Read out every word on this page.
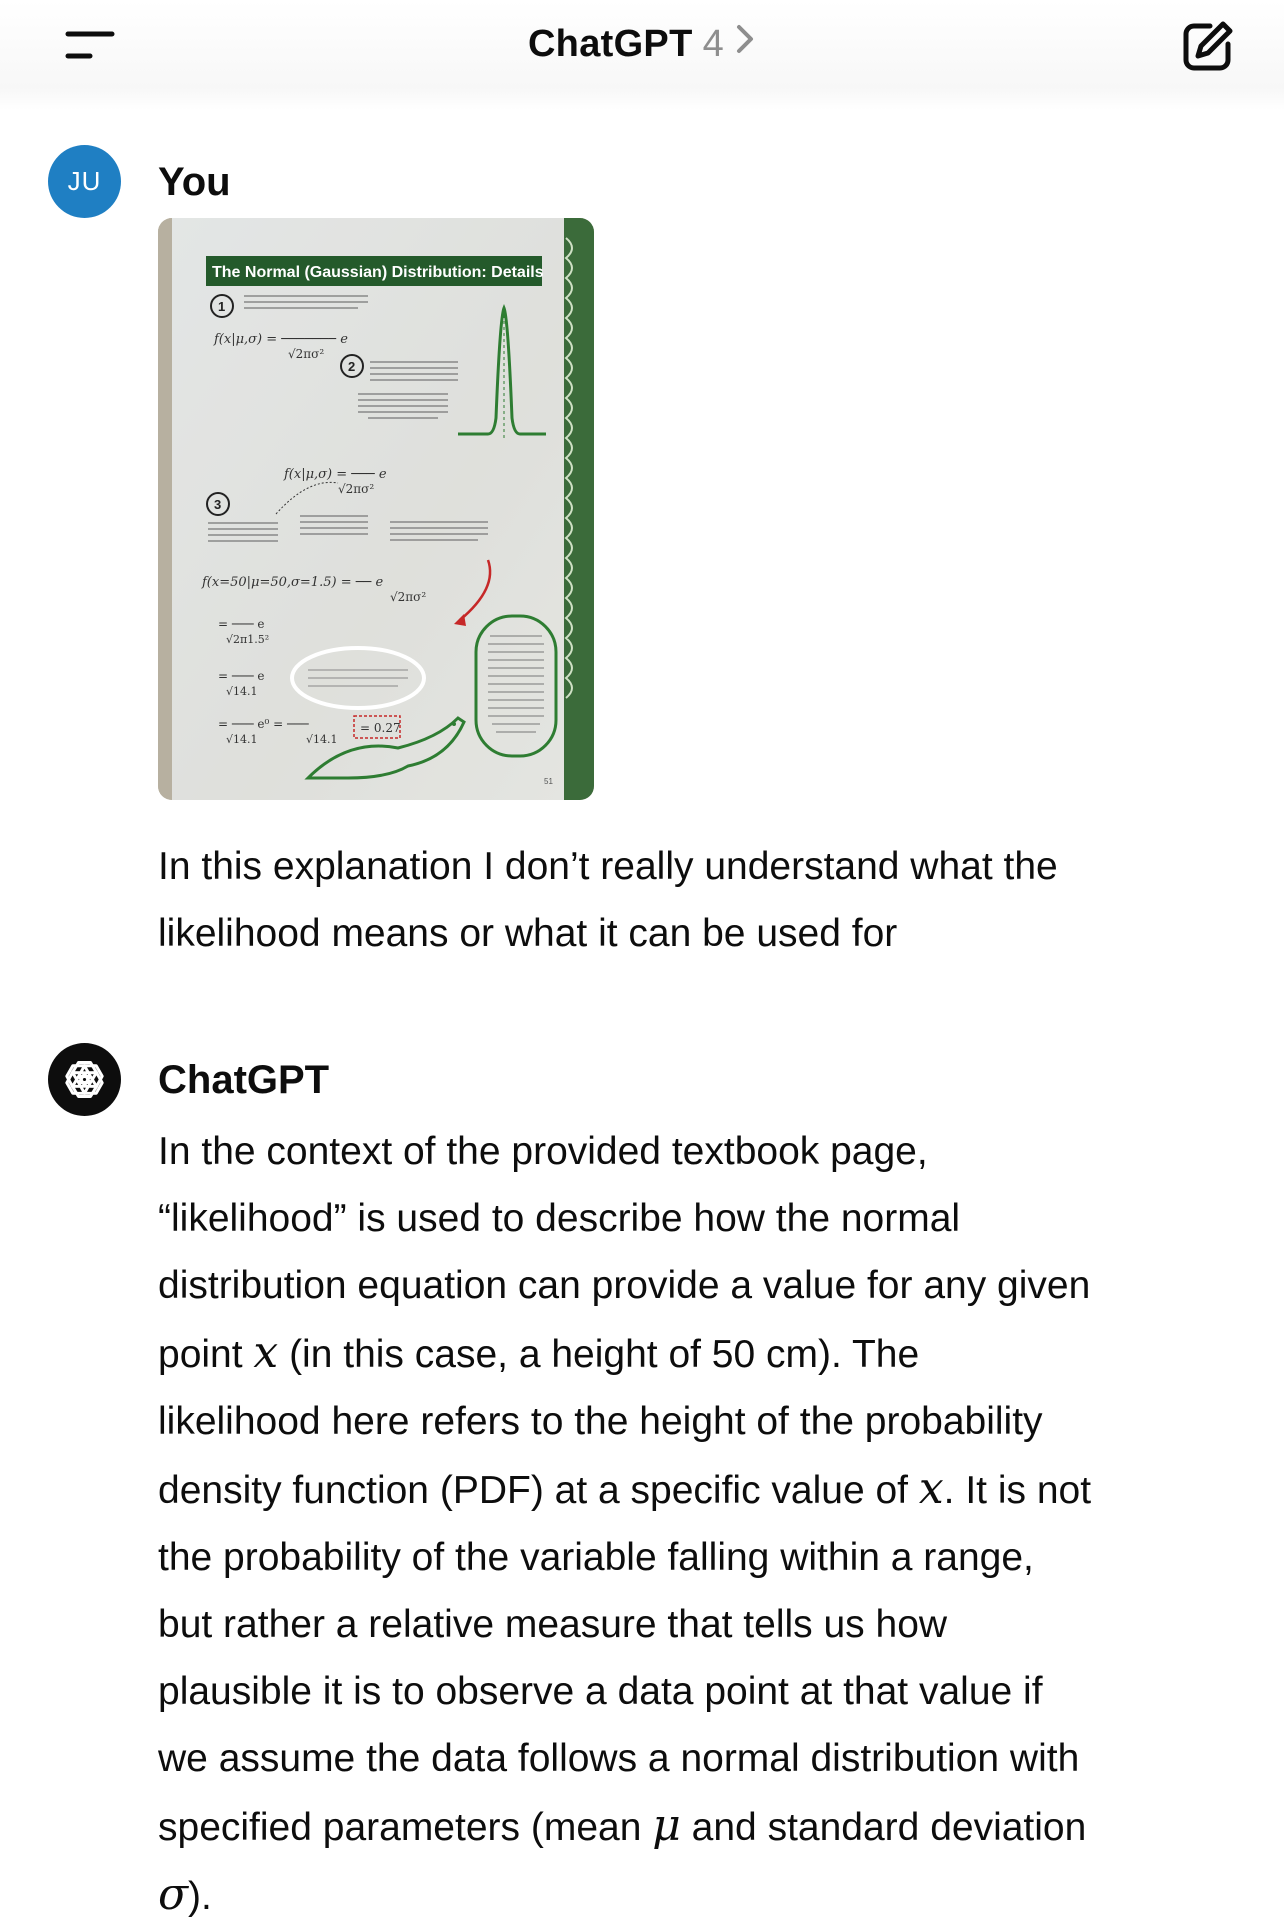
ChatGPT 4
JU	You
The Normal (Gaussian) Distribution: Details
1
f(x|μ,σ) = ─────── e
√2πσ²
2
f(x|μ,σ) = ─── e
√2πσ²
3
f(x=50|μ=50,σ=1.5) = ── e
√2πσ²
= ─── e
√2π1.5²
= ─── e
√14.1
= ─── e⁰ = ───
√14.1	√14.1
= 0.27
51
In this explanation I don’t really understand what the
likelihood means or what it can be used for
ChatGPT
In the context of the provided textbook page,
“likelihood” is used to describe how the normal
distribution equation can provide a value for any given
point x (in this case, a height of 50 cm). The
likelihood here refers to the height of the probability
density function (PDF) at a specific value of x. It is not
the probability of the variable falling within a range,
but rather a relative measure that tells us how
plausible it is to observe a data point at that value if
we assume the data follows a normal distribution with
specified parameters (mean μ and standard deviation
σ).
